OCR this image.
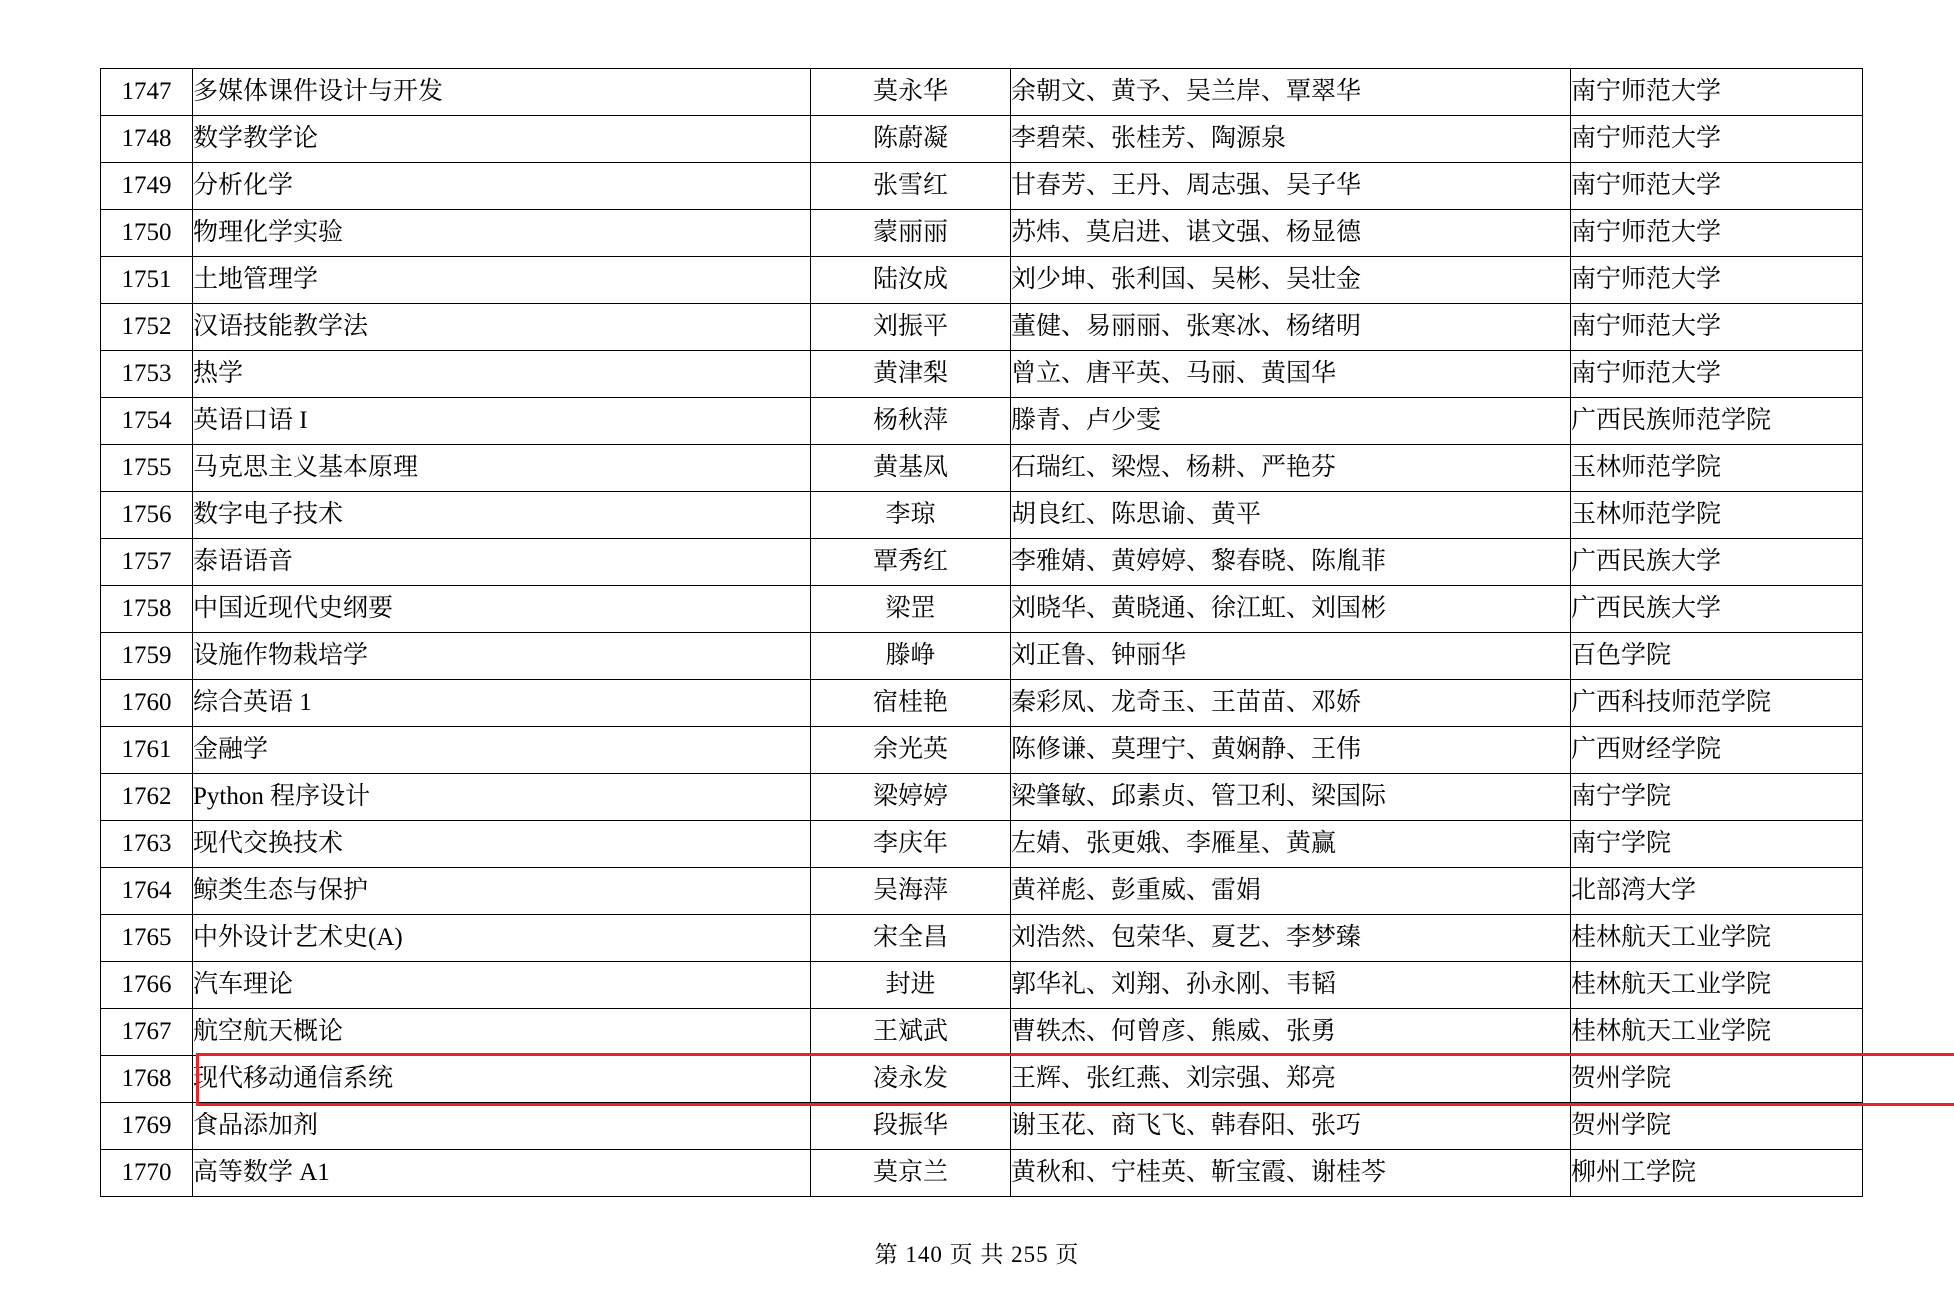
1747	多媒体课件设计与开发	莫永华	余朝文、黄予、吴兰岸、覃翠华	南宁师范大学
1748	数学教学论	陈蔚凝	李碧荣、张桂芳、陶源泉	南宁师范大学
1749	分析化学	张雪红	甘春芳、王丹、周志强、吴子华	南宁师范大学
1750	物理化学实验	蒙丽丽	苏炜、莫启进、谌文强、杨显德	南宁师范大学
1751	土地管理学	陆汝成	刘少坤、张利国、吴彬、吴壮金	南宁师范大学
1752	汉语技能教学法	刘振平	董健、易丽丽、张寒冰、杨绪明	南宁师范大学
1753	热学	黄津梨	曾立、唐平英、马丽、黄国华	南宁师范大学
1754	英语口语 I	杨秋萍	滕青、卢少雯	广西民族师范学院
1755	马克思主义基本原理	黄基凤	石瑞红、梁煜、杨耕、严艳芬	玉林师范学院
1756	数字电子技术	李琼	胡良红、陈思谕、黄平	玉林师范学院
1757	泰语语音	覃秀红	李雅婧、黄婷婷、黎春晓、陈胤菲	广西民族大学
1758	中国近现代史纲要	梁罡	刘晓华、黄晓通、徐江虹、刘国彬	广西民族大学
1759	设施作物栽培学	滕峥	刘正鲁、钟丽华	百色学院
1760	综合英语 1	宿桂艳	秦彩凤、龙奇玉、王苗苗、邓娇	广西科技师范学院
1761	金融学	余光英	陈修谦、莫理宁、黄娴静、王伟	广西财经学院
1762	Python 程序设计	梁婷婷	梁肇敏、邱素贞、管卫利、梁国际	南宁学院
1763	现代交换技术	李庆年	左婧、张更娥、李雁星、黄赢	南宁学院
1764	鲸类生态与保护	吴海萍	黄祥彪、彭重威、雷娟	北部湾大学
1765	中外设计艺术史(A)	宋全昌	刘浩然、包荣华、夏艺、李梦臻	桂林航天工业学院
1766	汽车理论	封进	郭华礼、刘翔、孙永刚、韦韬	桂林航天工业学院
1767	航空航天概论	王斌武	曹轶杰、何曾彦、熊威、张勇	桂林航天工业学院
1768	现代移动通信系统	凌永发	王辉、张红燕、刘宗强、郑亮	贺州学院
1769	食品添加剂	段振华	谢玉花、商飞飞、韩春阳、张巧	贺州学院
1770	高等数学 A1	莫京兰	黄秋和、宁桂英、靳宝霞、谢桂芩	柳州工学院
第 140 页 共 255 页
